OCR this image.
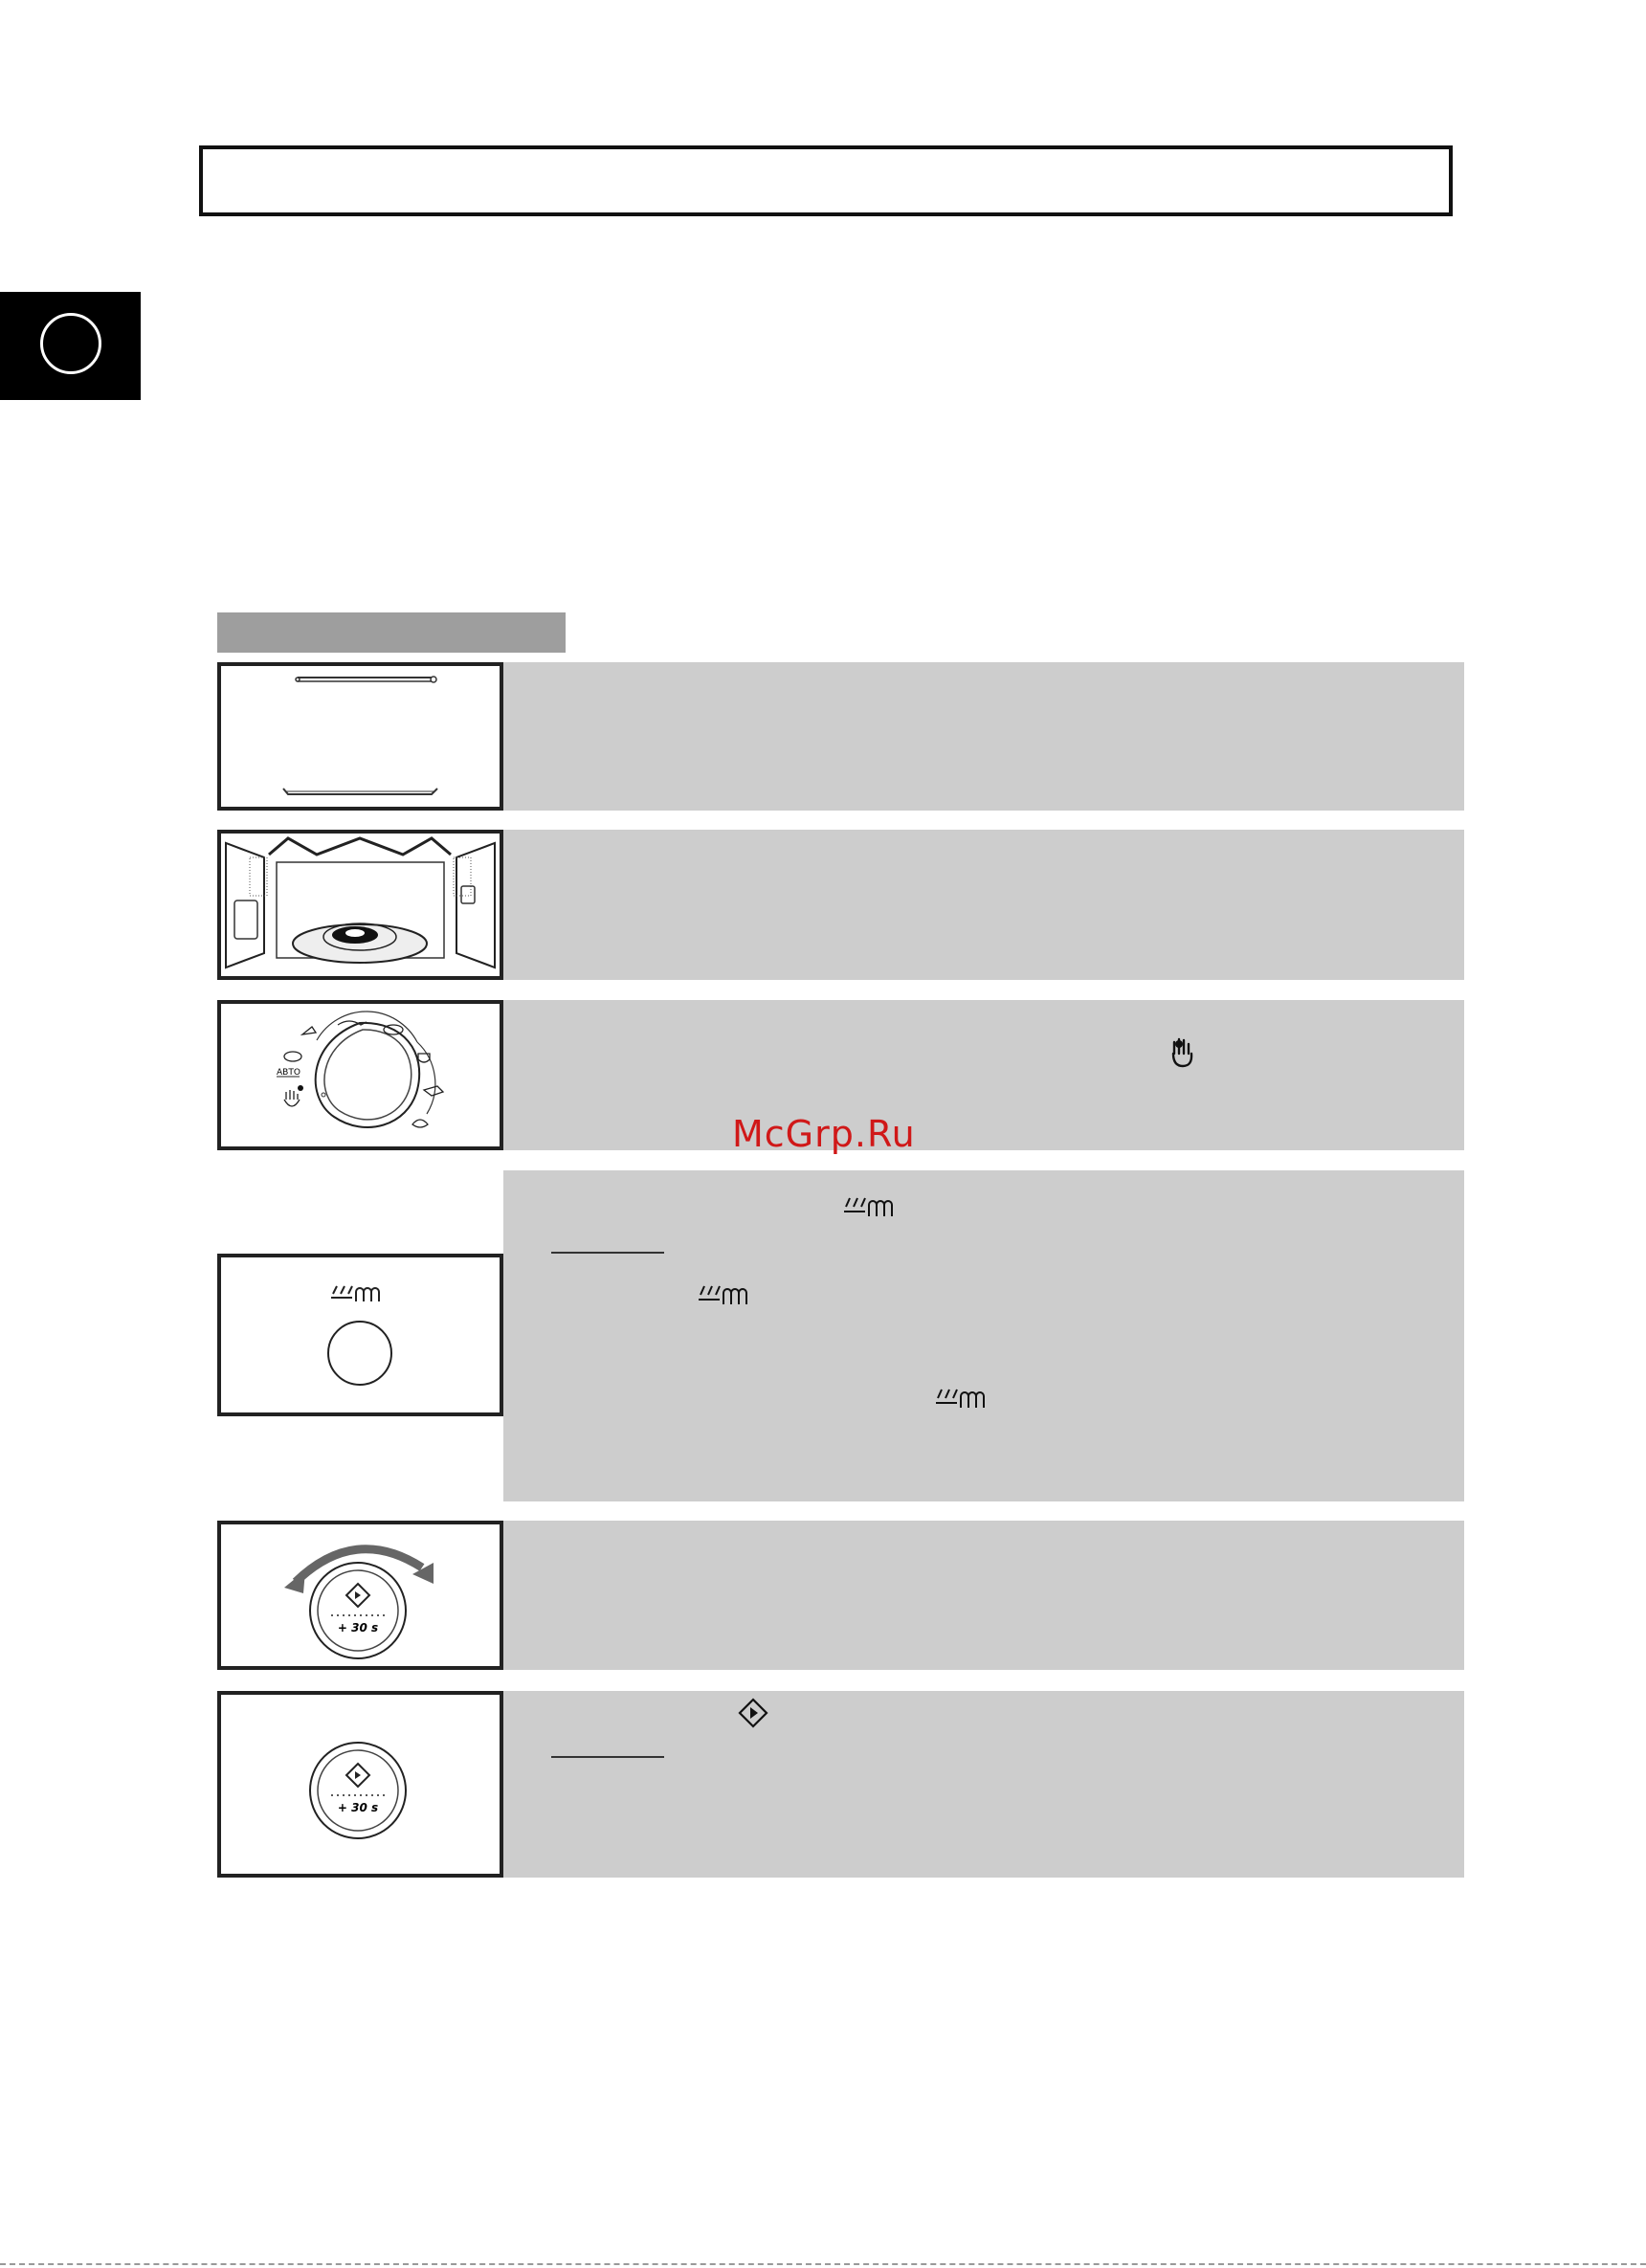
АВТО
+ 30 s
+ 30 s
McGrp.Ru
